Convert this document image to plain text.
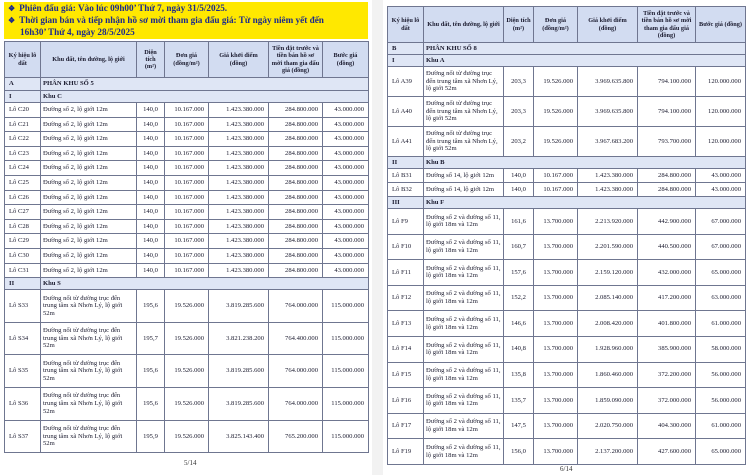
❖ Phiên đấu giá: Vào lúc 09h00’ Thứ 7, ngày 31/5/2025.
❖ Thời gian bán và tiếp nhận hồ sơ mời tham gia đấu giá: Từ ngày niêm yết đến
16h30’ Thứ 4, ngày 28/5/2025
Ký hiệu lô đất	Khu đất, tên đường, lộ giới	Diện tích (m²)	Đơn giá (đồng/m²)	Giá khởi điểm (đồng)	Tiền đặt trước và tiền bán hồ sơ mời tham gia đấu giá (đồng)	Bước giá (đồng)
A	PHÂN KHU SỐ 5					
I	Khu C					
Lô C20	Đường số 2, lộ giới 12m	140,0	10.167.000	1.423.380.000	284.800.000	43.000.000
Lô C21	Đường số 2, lộ giới 12m	140,0	10.167.000	1.423.380.000	284.800.000	43.000.000
Lô C22	Đường số 2, lộ giới 12m	140,0	10.167.000	1.423.380.000	284.800.000	43.000.000
Lô C23	Đường số 2, lộ giới 12m	140,0	10.167.000	1.423.380.000	284.800.000	43.000.000
Lô C24	Đường số 2, lộ giới 12m	140,0	10.167.000	1.423.380.000	284.800.000	43.000.000
Lô C25	Đường số 2, lộ giới 12m	140,0	10.167.000	1.423.380.000	284.800.000	43.000.000
Lô C26	Đường số 2, lộ giới 12m	140,0	10.167.000	1.423.380.000	284.800.000	43.000.000
Lô C27	Đường số 2, lộ giới 12m	140,0	10.167.000	1.423.380.000	284.800.000	43.000.000
Lô C28	Đường số 2, lộ giới 12m	140,0	10.167.000	1.423.380.000	284.800.000	43.000.000
Lô C29	Đường số 2, lộ giới 12m	140,0	10.167.000	1.423.380.000	284.800.000	43.000.000
Lô C30	Đường số 2, lộ giới 12m	140,0	10.167.000	1.423.380.000	284.800.000	43.000.000
Lô C31	Đường số 2, lộ giới 12m	140,0	10.167.000	1.423.380.000	284.800.000	43.000.000
II	Khu S					
Lô S33	Đường nối từ đường trục đến trung tâm xã Nhơn Lý, lộ giới 52m	195,6	19.526.000	3.819.285.600	764.000.000	115.000.000
Lô S34	Đường nối từ đường trục đến trung tâm xã Nhơn Lý, lộ giới 52m	195,7	19.526.000	3.821.238.200	764.400.000	115.000.000
Lô S35	Đường nối từ đường trục đến trung tâm xã Nhơn Lý, lộ giới 52m	195,6	19.526.000	3.819.285.600	764.000.000	115.000.000
Lô S36	Đường nối từ đường trục đến trung tâm xã Nhơn Lý, lộ giới 52m	195,6	19.526.000	3.819.285.600	764.000.000	115.000.000
Lô S37	Đường nối từ đường trục đến trung tâm xã Nhơn Lý, lộ giới 52m	195,9	19.526.000	3.825.143.400	765.200.000	115.000.000
5/14
Ký hiệu lô đất	Khu đất, tên đường, lộ giới	Diện tích (m²)	Đơn giá (đồng/m²)	Giá khởi điểm (đồng)	Tiền đặt trước và tiền bán hồ sơ mời tham gia đấu giá (đồng)	Bước giá (đồng)
B	PHÂN KHU SỐ 8					
I	Khu A					
Lô A39	Đường nối từ đường trục đến trung tâm xã Nhơn Lý, lộ giới 52m	203,3	19.526.000	3.969.635.800	794.100.000	120.000.000
Lô A40	Đường nối từ đường trục đến trung tâm xã Nhơn Lý, lộ giới 52m	203,3	19.526.000	3.969.635.800	794.100.000	120.000.000
Lô A41	Đường nối từ đường trục đến trung tâm xã Nhơn Lý, lộ giới 52m	203,2	19.526.000	3.967.683.200	793.700.000	120.000.000
II	Khu B					
Lô B31	Đường số 14, lộ giới 12m	140,0	10.167.000	1.423.380.000	284.800.000	43.000.000
Lô B32	Đường số 14, lộ giới 12m	140,0	10.167.000	1.423.380.000	284.800.000	43.000.000
III	Khu F					
Lô F9	Đường số 2 và đường số 11, lộ giới 18m và 12m	161,6	13.700.000	2.213.920.000	442.900.000	67.000.000
Lô F10	Đường số 2 và đường số 11, lộ giới 18m và 12m	160,7	13.700.000	2.201.590.000	440.500.000	67.000.000
Lô F11	Đường số 2 và đường số 11, lộ giới 18m và 12m	157,6	13.700.000	2.159.120.000	432.000.000	65.000.000
Lô F12	Đường số 2 và đường số 11, lộ giới 18m và 12m	152,2	13.700.000	2.085.140.000	417.200.000	63.000.000
Lô F13	Đường số 2 và đường số 11, lộ giới 18m và 12m	146,6	13.700.000	2.008.420.000	401.800.000	61.000.000
Lô F14	Đường số 2 và đường số 11, lộ giới 18m và 12m	140,8	13.700.000	1.928.960.000	385.900.000	58.000.000
Lô F15	Đường số 2 và đường số 11, lộ giới 18m và 12m	135,8	13.700.000	1.860.460.000	372.200.000	56.000.000
Lô F16	Đường số 2 và đường số 11, lộ giới 18m và 12m	135,7	13.700.000	1.859.090.000	372.000.000	56.000.000
Lô F17	Đường số 2 và đường số 11, lộ giới 18m và 12m	147,5	13.700.000	2.020.750.000	404.300.000	61.000.000
Lô F19	Đường số 2 và đường số 11, lộ giới 18m và 12m	156,0	13.700.000	2.137.200.000	427.600.000	65.000.000
6/14
